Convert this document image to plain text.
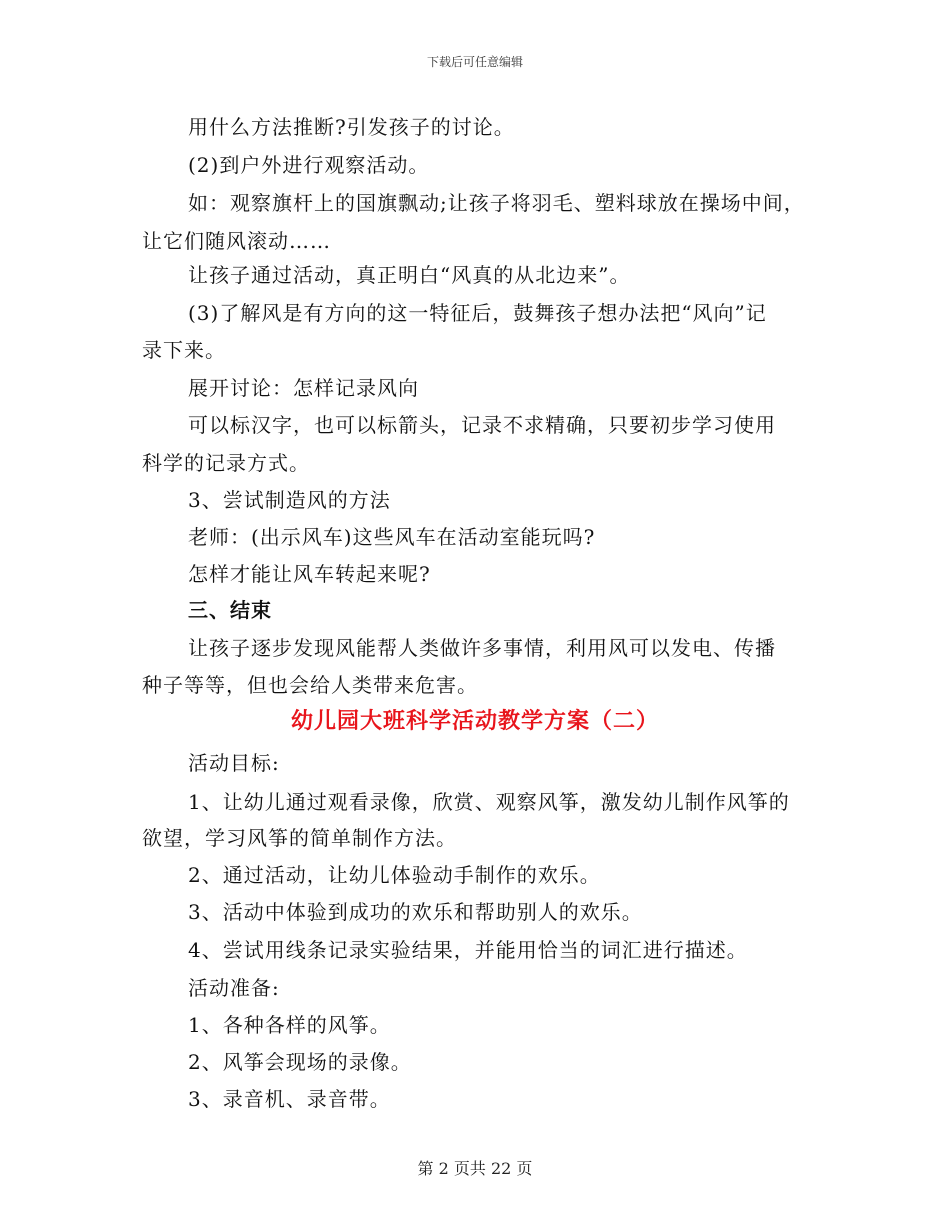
下载后可任意编辑
用什么方法推断?引发孩子的讨论。
(2)到户外进行观察活动。
如：观察旗杆上的国旗飘动;让孩子将羽毛、塑料球放在操场中间，
让它们随风滚动……
让孩子通过活动，真正明白“风真的从北边来”。
(3)了解风是有方向的这一特征后，鼓舞孩子想办法把“风向”记
录下来。
展开讨论：怎样记录风向
可以标汉字，也可以标箭头，记录不求精确，只要初步学习使用
科学的记录方式。
3、尝试制造风的方法
老师：(出示风车)这些风车在活动室能玩吗?
怎样才能让风车转起来呢?
三、结束
让孩子逐步发现风能帮人类做许多事情，利用风可以发电、传播
种子等等，但也会给人类带来危害。
幼儿园大班科学活动教学方案（二）
活动目标:
1、让幼儿通过观看录像，欣赏、观察风筝，激发幼儿制作风筝的
欲望，学习风筝的简单制作方法。
2、通过活动，让幼儿体验动手制作的欢乐。
3、活动中体验到成功的欢乐和帮助别人的欢乐。
4、尝试用线条记录实验结果，并能用恰当的词汇进行描述。
活动准备:
1、各种各样的风筝。
2、风筝会现场的录像。
3、录音机、录音带。
第 2 页共 22 页
